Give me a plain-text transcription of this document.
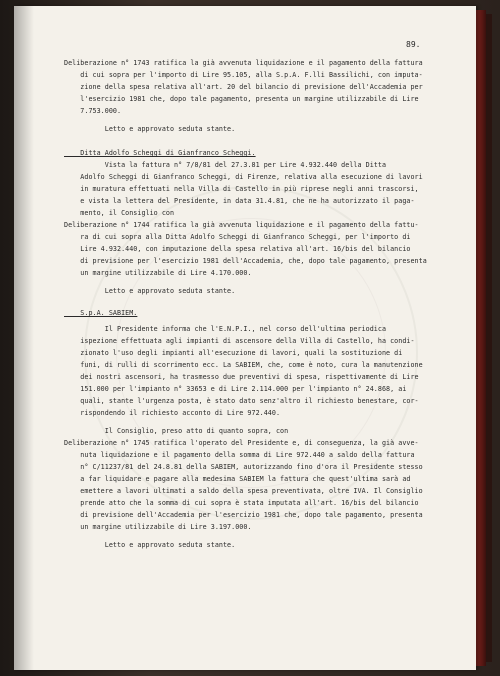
89.
Deliberazione n° 1743 ratifica la già avvenuta liquidazione e il pagamento della fattura
di cui sopra per l'importo di Lire 95.105, alla S.p.A. F.lli Bassilichi, con imputa-
zione della spesa relativa all'art. 20 del bilancio di previsione dell'Accademia per
l'esercizio 1981 che, dopo tale pagamento, presenta un margine utilizzabile di Lire
7.753.000.
Letto e approvato seduta stante.
Ditta Adolfo Scheggi di Gianfranco Scheggi.
Vista la fattura n° 7/8/81 del 27.3.81 per Lire 4.932.440 della Ditta
Adolfo Scheggi di Gianfranco Scheggi, di Firenze, relativa alla esecuzione di lavori
in muratura effettuati nella Villa di Castello in più riprese negli anni trascorsi,
e vista la lettera del Presidente, in data 31.4.81, che ne ha autorizzato il paga-
mento, il Consiglio con
Deliberazione n° 1744 ratifica la già avvenuta liquidazione e il pagamento della fattu-
ra di cui sopra alla Ditta Adolfo Scheggi di Gianfranco Scheggi, per l'importo di
Lire 4.932.440, con imputazione della spesa relativa all'art. 16/bis del bilancio
di previsione per l'esercizio 1981 dell'Accademia, che, dopo tale pagamento, presenta
un margine utilizzabile di Lire 4.170.000.
Letto e approvato seduta stante.
S.p.A. SABIEM.
Il Presidente informa che l'E.N.P.I., nel corso dell'ultima periodica
ispezione effettuata agli impianti di ascensore della Villa di Castello, ha condi-
zionato l'uso degli impianti all'esecuzione di lavori, quali la sostituzione di
funi, di rulli di scorrimento ecc. La SABIEM, che, come è noto, cura la manutenzione
dei nostri ascensori, ha trasmesso due preventivi di spesa, rispettivamente di Lire
151.000 per l'impianto n° 33653 e di Lire 2.114.000 per l'impianto n° 24.868, ai
quali, stante l'urgenza posta, è stato dato senz'altro il richiesto benestare, cor-
rispondendo il richiesto acconto di Lire 972.440.
Il Consiglio, preso atto di quanto sopra, con
Deliberazione n° 1745 ratifica l'operato del Presidente e, di conseguenza, la già avve-
nuta liquidazione e il pagamento della somma di Lire 972.440 a saldo della fattura
n° C/11237/81 del 24.8.81 della SABIEM, autorizzando fino d'ora il Presidente stesso
a far liquidare e pagare alla medesima SABIEM la fattura che quest'ultima sarà ad
emettere a lavori ultimati a saldo della spesa preventivata, oltre IVA. Il Consiglio
prende atto che la somma di cui sopra è stata imputata all'art. 16/bis del bilancio
di previsione dell'Accademia per l'esercizio 1981 che, dopo tale pagamento, presenta
un margine utilizzabile di Lire 3.197.000.
Letto e approvato seduta stante.
